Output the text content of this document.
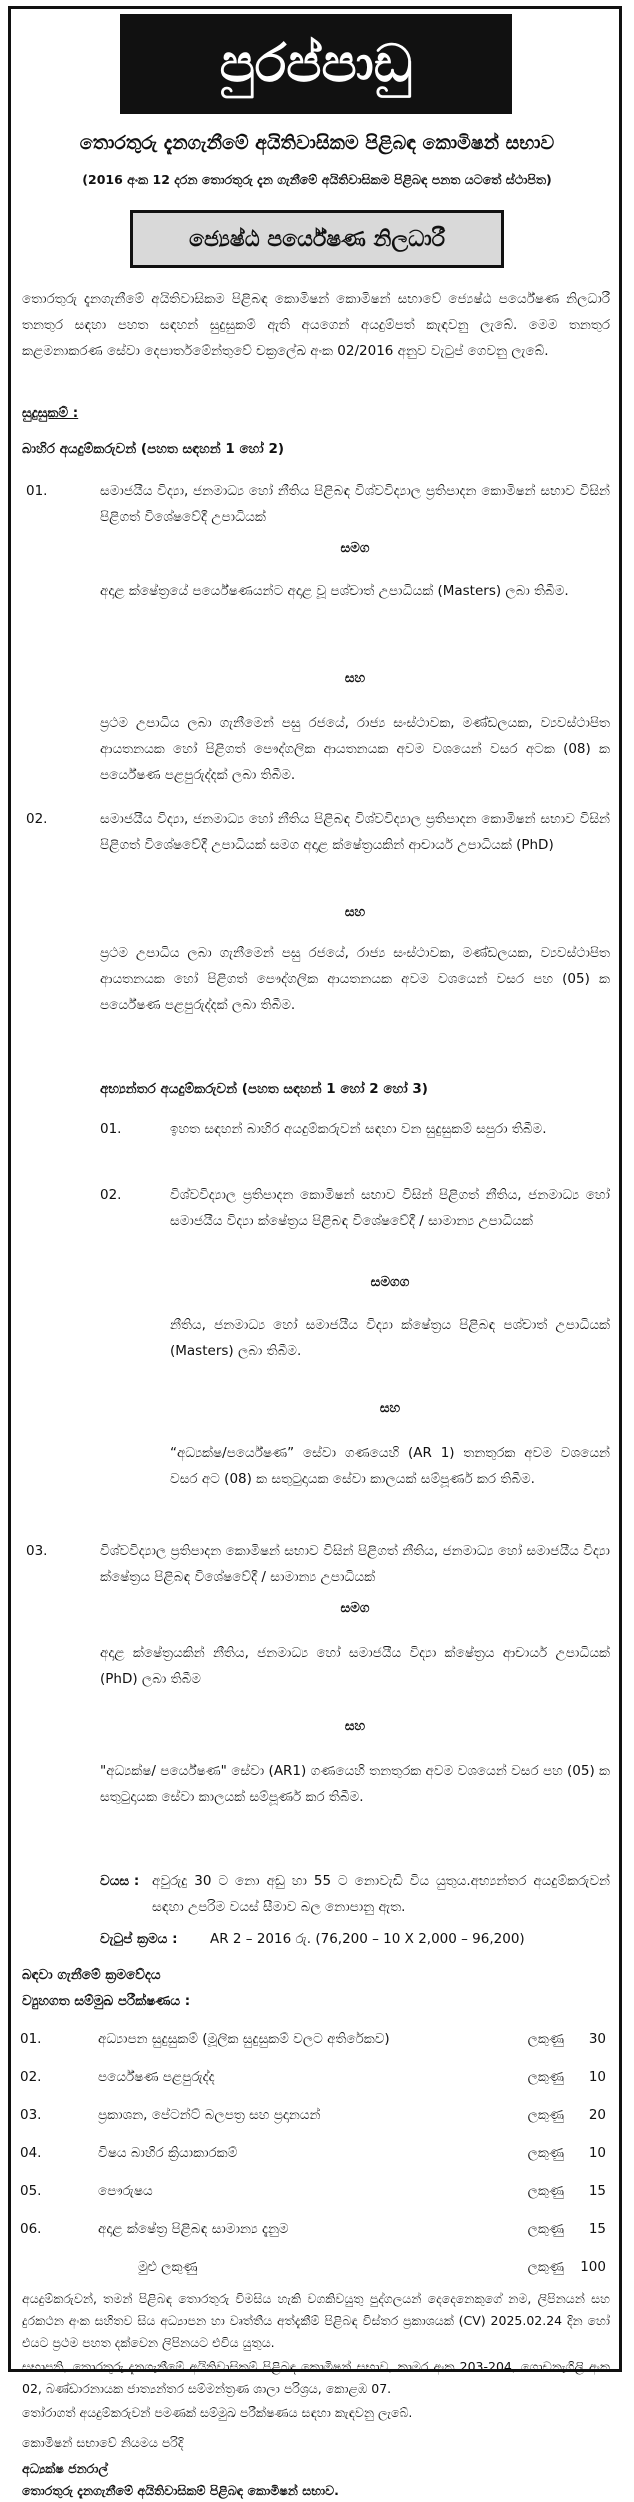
පුරප්පාඩු
තොරතුරු දැනගැනීමේ අයිතිවාසිකම පිළිබඳ කොමිෂන් සභාව
(2016 අංක 12 දරන තොරතුරු දැන ගැනීමේ අයිතිවාසිකම පිළිබඳ පනත යටතේ ස්ථාපිත)
ජ්‍යෙෂ්ඨ පර්යේෂණ නිලධාරී
තොරතුරු දැනගැනීමේ අයිතිවාසිකම පිළිබඳ කොමිෂන් කොමිෂන් සභාවේ ජ්‍යෙෂ්ඨ පර්යේෂණ නිලධාරී තනතුර සඳහා පහත සඳහන් සුදුසුකම් ඇති අයගෙන් අයදුම්පත් කැඳවනු ලැබේ. මෙම තනතුර කළමනාකරණ සේවා දෙපාර්තමේන්තුවේ චක්‍රලේඛ අංක 02/2016 අනුව වැටුප් ගෙවනු ලැබේ.
සුදුසුකම් :
බාහිර අයදුම්කරුවන් (පහත සඳහන් 1 හෝ 2)
01.	සමාජයීය විද්‍යා, ජනමාධ්‍ය හෝ නීතිය පිළිබඳ විශ්වවිද්‍යාල ප්‍රතිපාදන කොමිෂන් සභාව විසින් පිළිගත් විශේෂවේදී උපාධියක්
සමග
අදාළ ක්ෂේත්‍රයේ පර්යේෂණයන්ට අදාළ වූ පශ්චාත් උපාධියක් (Masters) ලබා තිබීම.
සහ
ප්‍රථම උපාධිය ලබා ගැනීමෙන් පසු රජයේ, රාජ්‍ය සංස්ථාවක, මණ්ඩලයක, ව්‍යවස්ථාපිත ආයතනයක හෝ පිළිගත් පෞද්ගලික ආයතනයක අවම වශයෙන් වසර අටක (08) ක පර්යේෂණ පළපුරුද්දක් ලබා තිබීම.
02.	සමාජයීය විද්‍යා, ජනමාධ්‍ය හෝ නීතිය පිළිබඳ විශ්වවිද්‍යාල ප්‍රතිපාදන කොමිෂන් සභාව විසින් පිළිගත් විශේෂවේදී උපාධියක් සමග අදාළ ක්ෂේත්‍රයකින් ආචාර්ය උපාධියක් (PhD)
සහ
ප්‍රථම උපාධිය ලබා ගැනීමෙන් පසු රජයේ, රාජ්‍ය සංස්ථාවක, මණ්ඩලයක, ව්‍යවස්ථාපිත ආයතනයක හෝ පිළිගත් පෞද්ගලික ආයතනයක අවම වශයෙන් වසර පහ (05) ක පර්යේෂණ පළපුරුද්දක් ලබා තිබීම.
අභ්‍යන්තර අයදුම්කරුවන් (පහත සඳහන් 1 හෝ 2 හෝ 3)
01.	ඉහත සඳහන් බාහිර අයදුම්කරුවන් සඳහා වන සුදුසුකම් සපුරා තිබීම.
02.	විශ්වවිද්‍යාල ප්‍රතිපාදන කොමිෂන් සභාව විසින් පිළිගත් නීතිය, ජනමාධ්‍ය හෝ සමාජයීය විද්‍යා ක්ෂේත්‍රය පිළිබඳ විශේෂවේදී / සාමාන්‍ය උපාධියක්
සමගග
නීතිය, ජනමාධ්‍ය හෝ සමාජයීය විද්‍යා ක්ෂේත්‍රය පිළිබඳ පශ්චාත් උපාධියක් (Masters) ලබා තිබීම.
සහ
“අධ්‍යක්ෂ/පර්යේෂණ” සේවා ගණයෙහි (AR 1) තනතුරක අවම වශයෙන් වසර අට (08) ක සතුටුදායක සේවා කාලයක් සම්පූර්ණ කර තිබීම.
03.	විශ්වවිද්‍යාල ප්‍රතිපාදන කොමිෂන් සභාව විසින් පිළිගත් නීතිය, ජනමාධ්‍ය හෝ සමාජයීය විද්‍යා ක්ෂේත්‍රය පිළිබඳ විශේෂවේදී / සාමාන්‍ය උපාධියක්
සමග
අදාළ ක්ෂේත්‍රයකින් නීතිය, ජනමාධ්‍ය හෝ සමාජයීය විද්‍යා ක්ෂේත්‍රය ආචාර්ය උපාධියක් (PhD) ලබා තිබීම
සහ
"අධ්‍යක්ෂ/ පර්යේෂණ" සේවා (AR1) ගණයෙහි තනතුරක අවම වශයෙන් වසර පහ (05) ක සතුටුදායක සේවා කාලයක් සම්පූර්ණ කර තිබීම.
වයස : අවුරුදු 30 ට නො අඩු හා 55 ට නොවැඩි විය යුතුය.අභ්‍යන්තර අයදුම්කරුවන් සඳහා උපරිම වයස් සීමාව බල නොපානු ඇත.
වැටුප් ක්‍රමය : AR 2 – 2016 රු. (76,200 – 10 X 2,000 – 96,200)
බඳවා ගැනීමේ ක්‍රමවේදය
ව්‍යුහගත සම්මුඛ පරීක්ෂණය :
01.	අධ්‍යාපන සුදුසුකම් (මූලික සුදුසුකම් වලට අතිරේකව)	ලකුණු	30
02.	පර්යේෂණ පළපුරුද්ද	ලකුණු	10
03.	ප්‍රකාශන, පේටන්ට් බලපත්‍ර සහ ප්‍රදානයන්	ලකුණු	20
04.	විෂය බාහිර ක්‍රියාකාරකම්	ලකුණු	10
05.	පෞරුෂය	ලකුණු	15
06.	අදාළ ක්ෂේත්‍ර පිළිබඳ සාමාන්‍ය දැනුම	ලකුණු	15
	මුළු ලකුණු	ලකුණු	100
අයදුම්කරුවන්, තමන් පිළිබඳ තොරතුරු විමසිය හැකි වගකිවයුතු පුද්ගලයන් දෙදෙනෙකුගේ නම, ලිපිනයන් සහ දුරකථන අංක සහිතව සිය අධ්‍යාපන හා වෘත්තීය අත්දැකීම් පිළිබඳ විස්තර ප්‍රකාශයක් (CV) 2025.02.24 දින හෝ එයට ප්‍රථම පහත දක්වෙන ලිපිනයට එවිය යුතුය.
සභාපති, තොරතුරු දැනගැනීමේ අයිතිවාසිකම් පිළිබඳ කොමිෂන් සභාව, කාමර අංක 203-204, ගොඩනැගිලි අංක 02, බණ්ඩාරනායක ජාත්‍යන්තර සම්මන්ත්‍රණ ශාලා පරිශ්‍රය, කොළඹ 07.
තෝරාගත් අයදුම්කරුවන් පමණක් සම්මුඛ පරීක්ෂණය සඳහා කැඳවනු ලැබේ.
කොමිෂන් සභාවේ නියමය පරිදි
අධ්‍යක්ෂ ජනරාල්
තොරතුරු දැනගැනීමේ අයිතිවාසිකම් පිළිබඳ කොමිෂන් සභාව.
